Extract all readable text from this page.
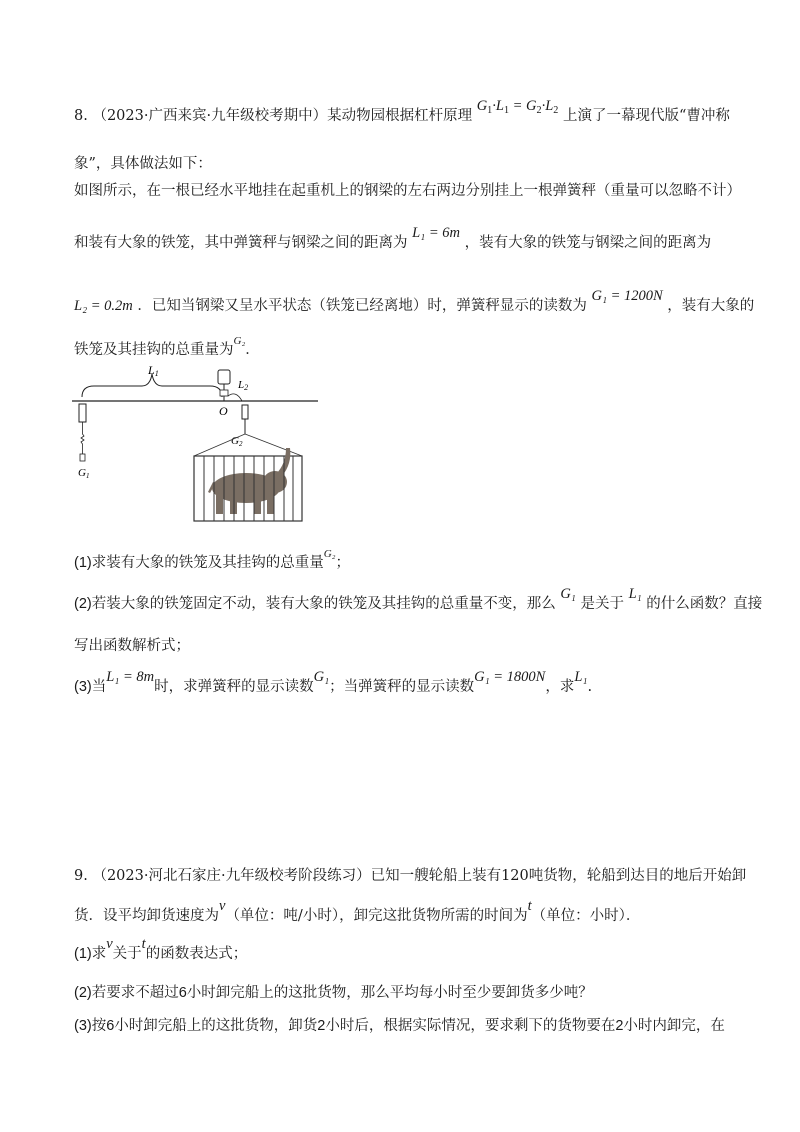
8. （2023·广西来宾·九年级校考期中）某动物园根据杠杆原理 $G_1\cdot L_1 = G_2\cdot L_2$ 上演了一幕现代版“曹冲称
象”，具体做法如下：
如图所示，在一根已经水平地挂在起重机上的钢梁的左右两边分别挂上一根弹簧秤（重量可以忽略不计）
和装有大象的铁笼，其中弹簧秤与钢梁之间的距离为 L₁ = 6m ，装有大象的铁笼与钢梁之间的距离为
L₂ = 0.2m ．已知当钢梁又呈水平状态（铁笼已经离地）时，弹簧秤显示的读数为 G₁ = 1200N ，装有大象的
铁笼及其挂钩的总重量为$^{G_2}$．
L1
L2
O
G1
G2
(1)求装有大象的铁笼及其挂钩的总重量$^{G_2}$；
(2)若装大象的铁笼固定不动，装有大象的铁笼及其挂钩的总重量不变，那么 G₁ 是关于 L₁ 的什么函数？直接
写出函数解析式；
(3)当L₁ = 8m时，求弹簧秤的显示读数G₁；当弹簧秤的显示读数G₁ = 1800N，求L₁.
9. （2023·河北石家庄·九年级校考阶段练习）已知一艘轮船上装有120吨货物，轮船到达目的地后开始卸
货．设平均卸货速度为v（单位：吨/小时），卸完这批货物所需的时间为t（单位：小时）．
(1)求v关于t的函数表达式；
(2)若要求不超过6小时卸完船上的这批货物，那么平均每小时至少要卸货多少吨？
(3)按6小时卸完船上的这批货物，卸货2小时后，根据实际情况，要求剩下的货物要在2小时内卸完，在
